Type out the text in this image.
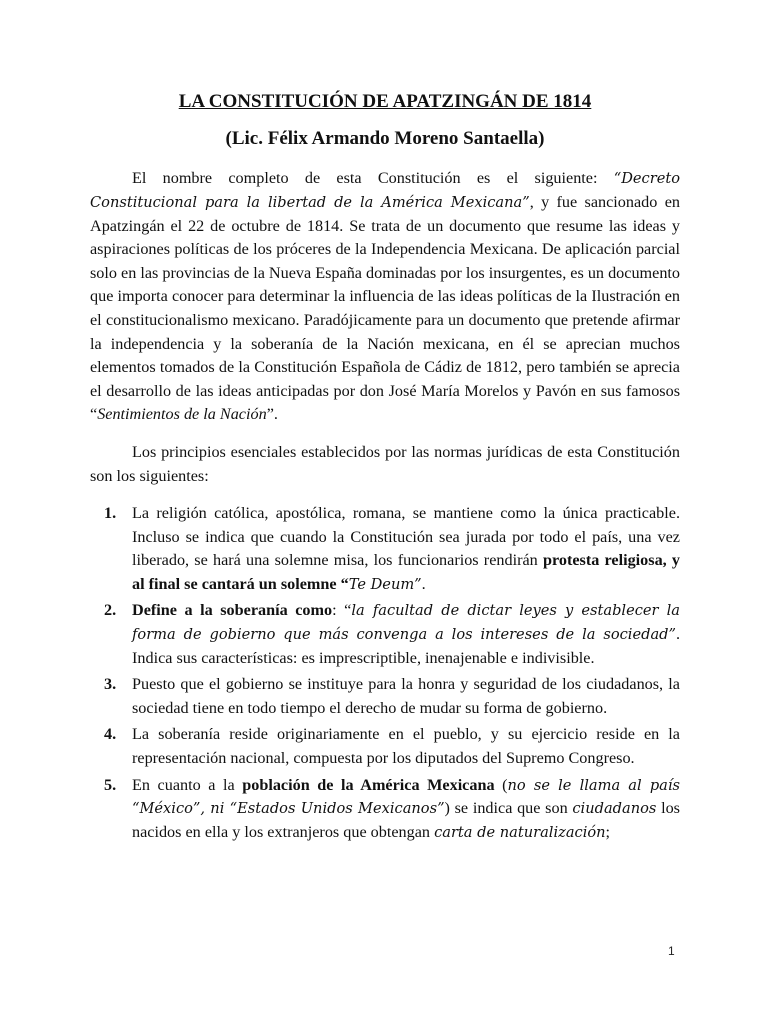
LA CONSTITUCIÓN DE APATZINGÁN DE 1814
(Lic. Félix Armando Moreno Santaella)

El nombre completo de esta Constitución es el siguiente: “Decreto Constitucional para la libertad de la América Mexicana”, y fue sancionado en Apatzingán el 22 de octubre de 1814. Se trata de un documento que resume las ideas y aspiraciones políticas de los próceres de la Independencia Mexicana. De aplicación parcial solo en las provincias de la Nueva España dominadas por los insurgentes, es un documento que importa conocer para determinar la influencia de las ideas políticas de la Ilustración en el constitucionalismo mexicano. Paradójicamente para un documento que pretende afirmar la independencia y la soberanía de la Nación mexicana, en él se aprecian muchos elementos tomados de la Constitución Española de Cádiz de 1812, pero también se aprecia el desarrollo de las ideas anticipadas por don José María Morelos y Pavón en sus famosos “Sentimientos de la Nación”.

Los principios esenciales establecidos por las normas jurídicas de esta Constitución son los siguientes:

1. La religión católica, apostólica, romana, se mantiene como la única practicable. Incluso se indica que cuando la Constitución sea jurada por todo el país, una vez liberado, se hará una solemne misa, los funcionarios rendirán protesta religiosa, y al final se cantará un solemne “Te Deum”.
2. Define a la soberanía como: “la facultad de dictar leyes y establecer la forma de gobierno que más convenga a los intereses de la sociedad”. Indica sus características: es imprescriptible, inenajenable e indivisible.
3. Puesto que el gobierno se instituye para la honra y seguridad de los ciudadanos, la sociedad tiene en todo tiempo el derecho de mudar su forma de gobierno.
4. La soberanía reside originariamente en el pueblo, y su ejercicio reside en la representación nacional, compuesta por los diputados del Supremo Congreso.
5. En cuanto a la población de la América Mexicana (no se le llama al país “México”, ni “Estados Unidos Mexicanos”) se indica que son ciudadanos los nacidos en ella y los extranjeros que obtengan carta de naturalización;
1
